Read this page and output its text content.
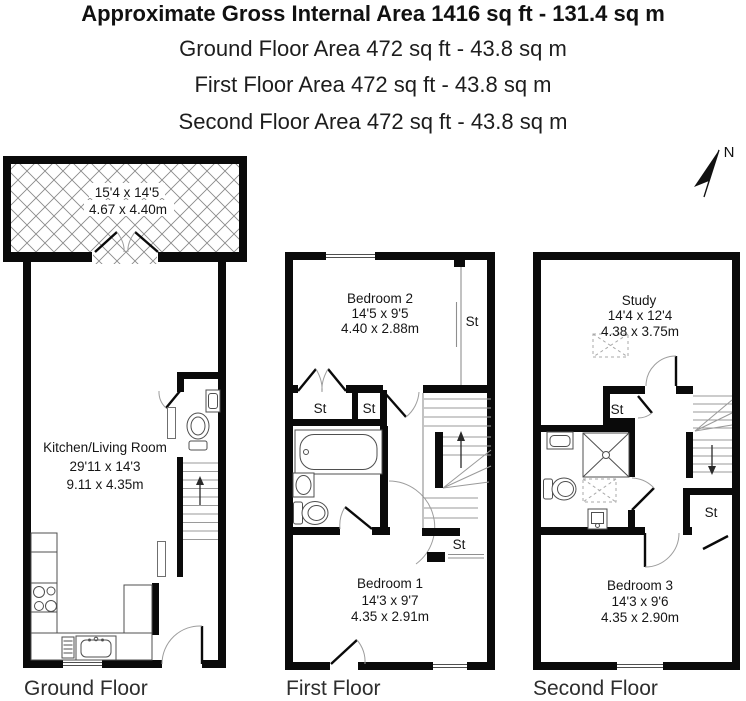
Approximate Gross Internal Area 1416 sq ft - 131.4 sq m
Ground Floor Area 472 sq ft - 43.8 sq m
First Floor Area 472 sq ft - 43.8 sq m
Second Floor Area 472 sq ft - 43.8 sq m
15'4 x 14'5
4.67 x 4.40m
Kitchen/Living Room
29'11 x 14'3
9.11 x 4.35m
Bedroom 2
14'5 x 9'5
4.40 x 2.88m	St
St	St
St
Bedroom 1
14'3 x 9'7
4.35 x 2.91m
Study
14'4 x 12'4
4.38 x 3.75m
St
St
Bedroom 3
14'3 x 9'6
4.35 x 2.90m
N
Ground Floor	First Floor	Second Floor
